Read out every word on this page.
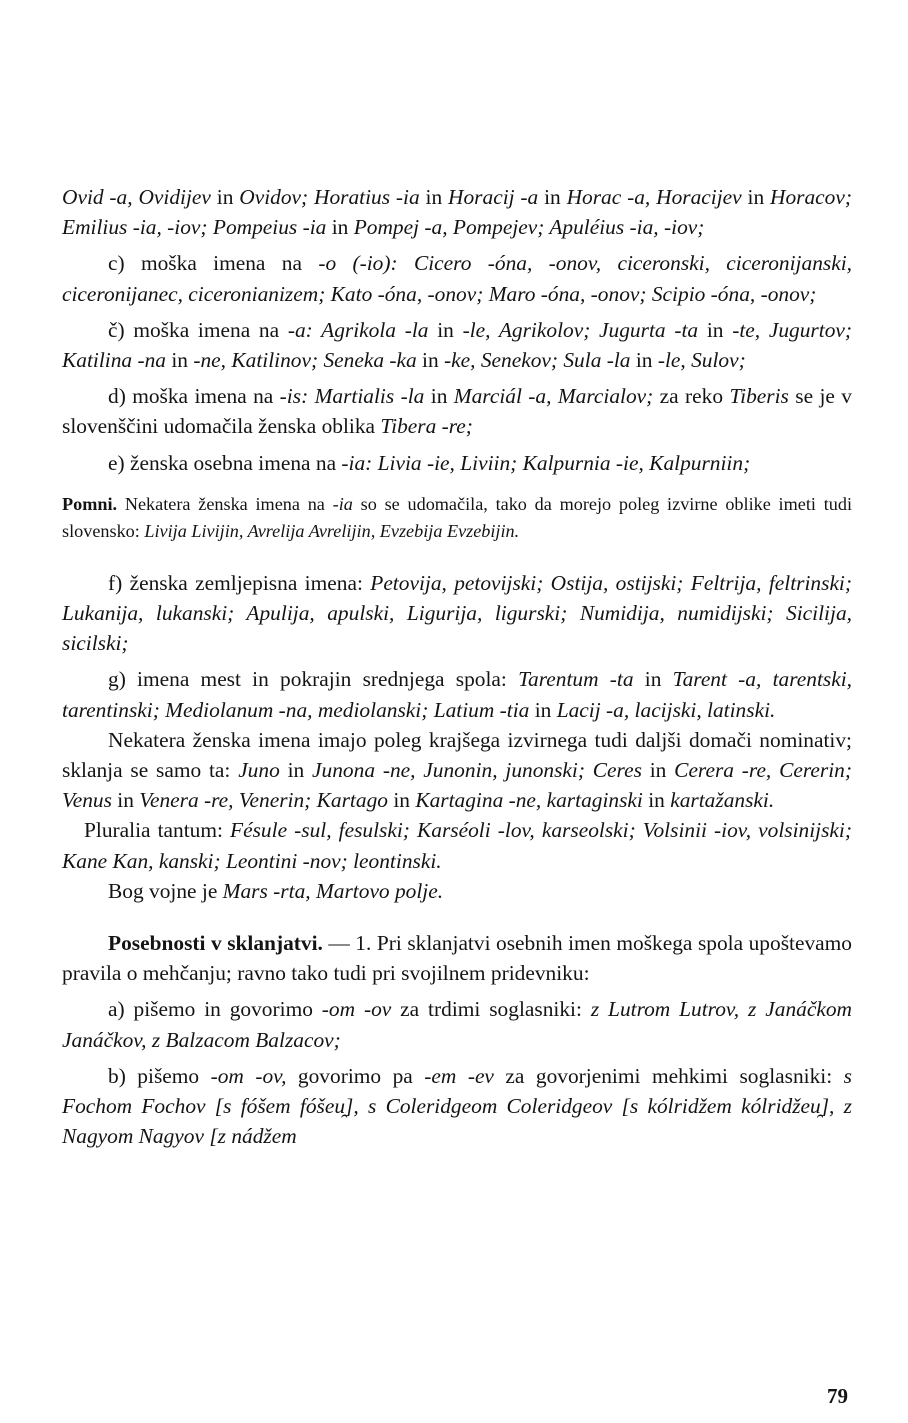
Ovid -a, Ovidijev in Ovidov; Horatius -ia in Horacij -a in Horac -a, Horacijev in Horacov; Emilius -ia, -iov; Pompeius -ia in Pompej -a, Pompejev; Apuléius -ia, -iov;

c) moška imena na -o (-io): Cicero -óna, -onov, ciceronski, ciceronijanski, ciceronijanec, ciceronianizem; Kato -óna, -onov; Maro -óna, -onov; Scipio -óna, -onov;

č) moška imena na -a: Agrikola -la in -le, Agrikolov; Jugurta -ta in -te, Jugurtov; Katilina -na in -ne, Katilinov; Seneka -ka in -ke, Senekov; Sula -la in -le, Sulov;

d) moška imena na -is: Martialis -la in Marciál -a, Marcialov; za reko Tiberis se je v slovenščini udomačila ženska oblika Tibera -re;

e) ženska osebna imena na -ia: Livia -ie, Liviin; Kalpurnia -ie, Kalpurniin;

Pomni. Nekatera ženska imena na -ia so se udomačila, tako da morejo poleg izvirne oblike imeti tudi slovensko: Livija Livijin, Avrelija Avrelijin, Evzebija Evzebijin.

f) ženska zemljepisna imena: Petovija, petovijski; Ostija, ostijski; Feltrija, feltrinski; Lukanija, lukanski; Apulija, apulski, Ligurija, ligurski; Numidija, numidijski; Sicilija, sicilski;

g) imena mest in pokrajin srednjega spola: Tarentum -ta in Tarent -a, tarentski, tarentinski; Mediolanum -na, mediolanski; Latium -tia in Lacij -a, lacijski, latinski.

Nekatera ženska imena imajo poleg krajšega izvirnega tudi daljši domači nominativ; sklanja se samo ta: Juno in Junona -ne, Junonin, junonski; Ceres in Cerera -re, Cererin; Venus in Venera -re, Venerin; Kartago in Kartagina -ne, kartaginski in kartažanski.

Pluralia tantum: Fésule -sul, fesulski; Karséoli -lov, karseolski; Volsinii -iov, volsinijski; Kane Kan, kanski; Leontini -nov; leontinski.

Bog vojne je Mars -rta, Martovo polje.

Posebnosti v sklanjatvi. — 1. Pri sklanjatvi osebnih imen moškega spola upoštevamo pravila o mehčanju; ravno tako tudi pri svojilnem pridevniku:

a) pišemo in govorimo -om -ov za trdimi soglasniki: z Lutrom Lutrov, z Janáčkom Janáčkov, z Balzacom Balzacov;

b) pišemo -om -ov, govorimo pa -em -ev za govorjenimi mehkimi soglasniki: s Fochom Fochov [s fóšem fóšeu̯], s Coleridgeom Coleridgeov [s kólridžem kólridžeu̯], z Nagyom Nagyov [z nádžem

79
